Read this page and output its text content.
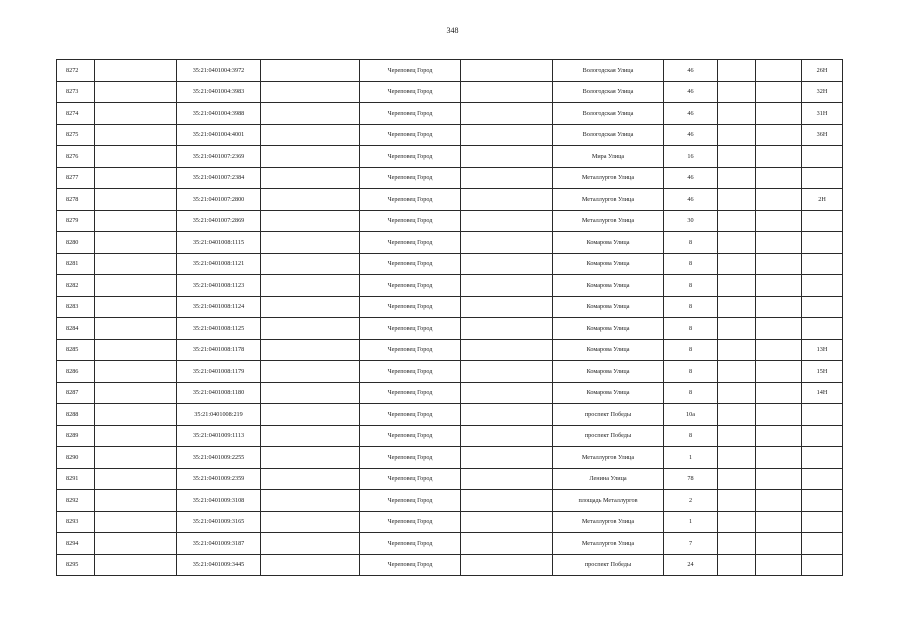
348
8272		35:21:0401004:3972		Череповец Город		Вологодская Улица	46			26Н
8273		35:21:0401004:3983		Череповец Город		Вологодская Улица	46			32Н
8274		35:21:0401004:3988		Череповец Город		Вологодская Улица	46			31Н
8275		35:21:0401004:4001		Череповец Город		Вологодская Улица	46			36Н
8276		35:21:0401007:2369		Череповец Город		Мира Улица	16			
8277		35:21:0401007:2384		Череповец Город		Металлургов Улица	46			
8278		35:21:0401007:2800		Череповец Город		Металлургов Улица	46			2Н
8279		35:21:0401007:2869		Череповец Город		Металлургов Улица	30			
8280		35:21:0401008:1115		Череповец Город		Комарова Улица	8			
8281		35:21:0401008:1121		Череповец Город		Комарова Улица	8			
8282		35:21:0401008:1123		Череповец Город		Комарова Улица	8			
8283		35:21:0401008:1124		Череповец Город		Комарова Улица	8			
8284		35:21:0401008:1125		Череповец Город		Комарова Улица	8			
8285		35:21:0401008:1178		Череповец Город		Комарова Улица	8			13Н
8286		35:21:0401008:1179		Череповец Город		Комарова Улица	8			15Н
8287		35:21:0401008:1180		Череповец Город		Комарова Улица	8			14Н
8288		35:21:0401008:219		Череповец Город		проспект Победы	10а			
8289		35:21:0401009:1113		Череповец Город		проспект Победы	8			
8290		35:21:0401009:2255		Череповец Город		Металлургов Улица	1			
8291		35:21:0401009:2359		Череповец Город		Ленина Улица	78			
8292		35:21:0401009:3108		Череповец Город		площадь Металлургов	2			
8293		35:21:0401009:3165		Череповец Город		Металлургов Улица	1			
8294		35:21:0401009:3187		Череповец Город		Металлургов Улица	7			
8295		35:21:0401009:3445		Череповец Город		проспект Победы	24			
